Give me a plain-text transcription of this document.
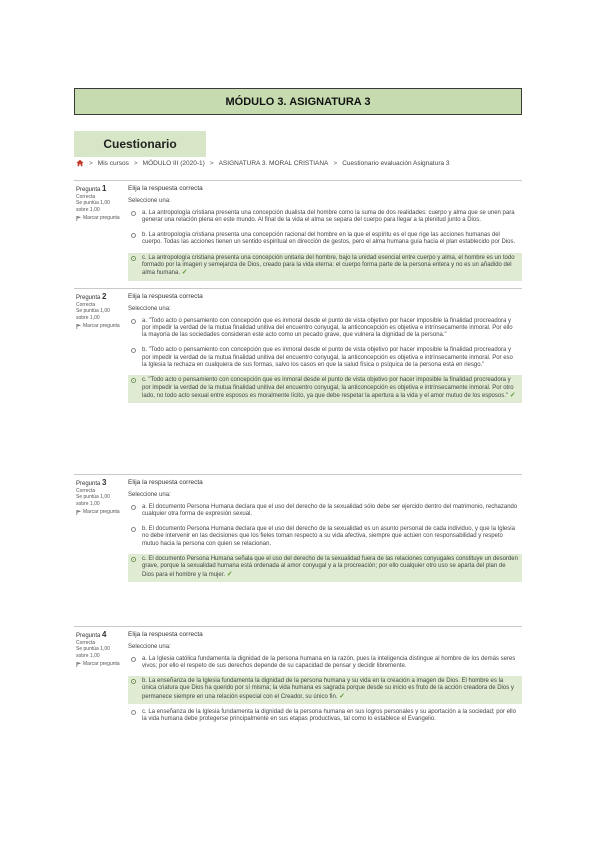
MÓDULO 3. ASIGNATURA 3
Cuestionario
> Mis cursos > MÓDULO III (2020-1) > ASIGNATURA 3. MORAL CRISTIANA > Cuestionario evaluación Asignatura 3
Pregunta 1
Correcta
Se puntúa 1,00 sobre 1,00
Marcar pregunta
Elija la respuesta correcta
Seleccione una:
a. La antropología cristiana presenta una concepción dualista del hombre como la suma de dos realidades: cuerpo y alma que se unen para generar una relación plena en este mundo. Al final de la vida el alma se separa del cuerpo para llegar a la plenitud junto a Dios.
b. La antropología cristiana presenta una concepción racional del hombre en la que el espíritu es el que rige las acciones humanas del cuerpo. Todas las acciones tienen un sentido espiritual en dirección de gestos, pero el alma humana guía hacia el plan establecido por Dios.
c. La antropología cristiana presenta una concepción unitaria del hombre, bajo la unidad esencial entre cuerpo y alma, el hombre es un todo formado por la imagen y semejanza de Dios, creado para la vida eterna: el cuerpo forma parte de la persona entera y no es un añadido del alma humana. ✓
Pregunta 2
Correcta
Se puntúa 1,00 sobre 1,00
Marcar pregunta
Elija la respuesta correcta
Seleccione una:
a. "Todo acto o pensamiento con concepción que es inmoral desde el punto de vista objetivo por hacer imposible la finalidad procreadora y por impedir la verdad de la mutua finalidad unitiva del encuentro conyugal, la anticoncepción es objetiva e intrínsecamente inmoral. Por ello la mayoría de las sociedades consideran este acto como un pecado grave, que vulnera la dignidad de la persona."
b. "Todo acto o pensamiento con concepción que es inmoral desde el punto de vista objetivo por hacer imposible la finalidad procreadora y por impedir la verdad de la mutua finalidad unitiva del encuentro conyugal, la anticoncepción es objetiva e intrínsecamente inmoral. Por eso la Iglesia la rechaza en cualquiera de sus formas, salvo los casos en que la salud física o psíquica de la persona está en riesgo."
c. "Todo acto o pensamiento con concepción que es inmoral desde el punto de vista objetivo por hacer imposible la finalidad procreadora y por impedir la verdad de la mutua finalidad unitiva del encuentro conyugal, la anticoncepción es objetiva e intrínsecamente inmoral. Por otro lado, no todo acto sexual entre esposos es moralmente lícito, ya que debe respetar la apertura a la vida y el amor mutuo de los esposos." ✓
Pregunta 3
Correcta
Se puntúa 1,00 sobre 1,00
Marcar pregunta
Elija la respuesta correcta
Seleccione una:
a. El documento Persona Humana declara que el uso del derecho de la sexualidad sólo debe ser ejercido dentro del matrimonio, rechazando cualquier otra forma de expresión sexual.
b. El documento Persona Humana declara que el uso del derecho de la sexualidad es un asunto personal de cada individuo, y que la Iglesia no debe intervenir en las decisiones que los fieles toman respecto a su vida afectiva, siempre que actúen con responsabilidad y respeto mutuo hacia la persona con quien se relacionan.
c. El documento Persona Humana señala que el uso del derecho de la sexualidad fuera de las relaciones conyugales constituye un desorden grave, porque la sexualidad humana está ordenada al amor conyugal y a la procreación; por ello cualquier otro uso se aparta del plan de Dios para el hombre y la mujer. ✓
Pregunta 4
Correcta
Se puntúa 1,00 sobre 1,00
Marcar pregunta
Elija la respuesta correcta
Seleccione una:
a. La Iglesia católica fundamenta la dignidad de la persona humana en la razón, pues la inteligencia distingue al hombre de los demás seres vivos; por ello el respeto de sus derechos depende de su capacidad de pensar y decidir libremente.
b. La enseñanza de la Iglesia fundamenta la dignidad de la persona humana y su vida en la creación a imagen de Dios. El hombre es la única criatura que Dios ha querido por sí misma; la vida humana es sagrada porque desde su inicio es fruto de la acción creadora de Dios y permanece siempre en una relación especial con el Creador, su único fin. ✓
c. La enseñanza de la Iglesia fundamenta la dignidad de la persona humana en sus logros personales y su aportación a la sociedad; por ello la vida humana debe protegerse principalmente en sus etapas productivas, tal como lo establece el Evangelio.
